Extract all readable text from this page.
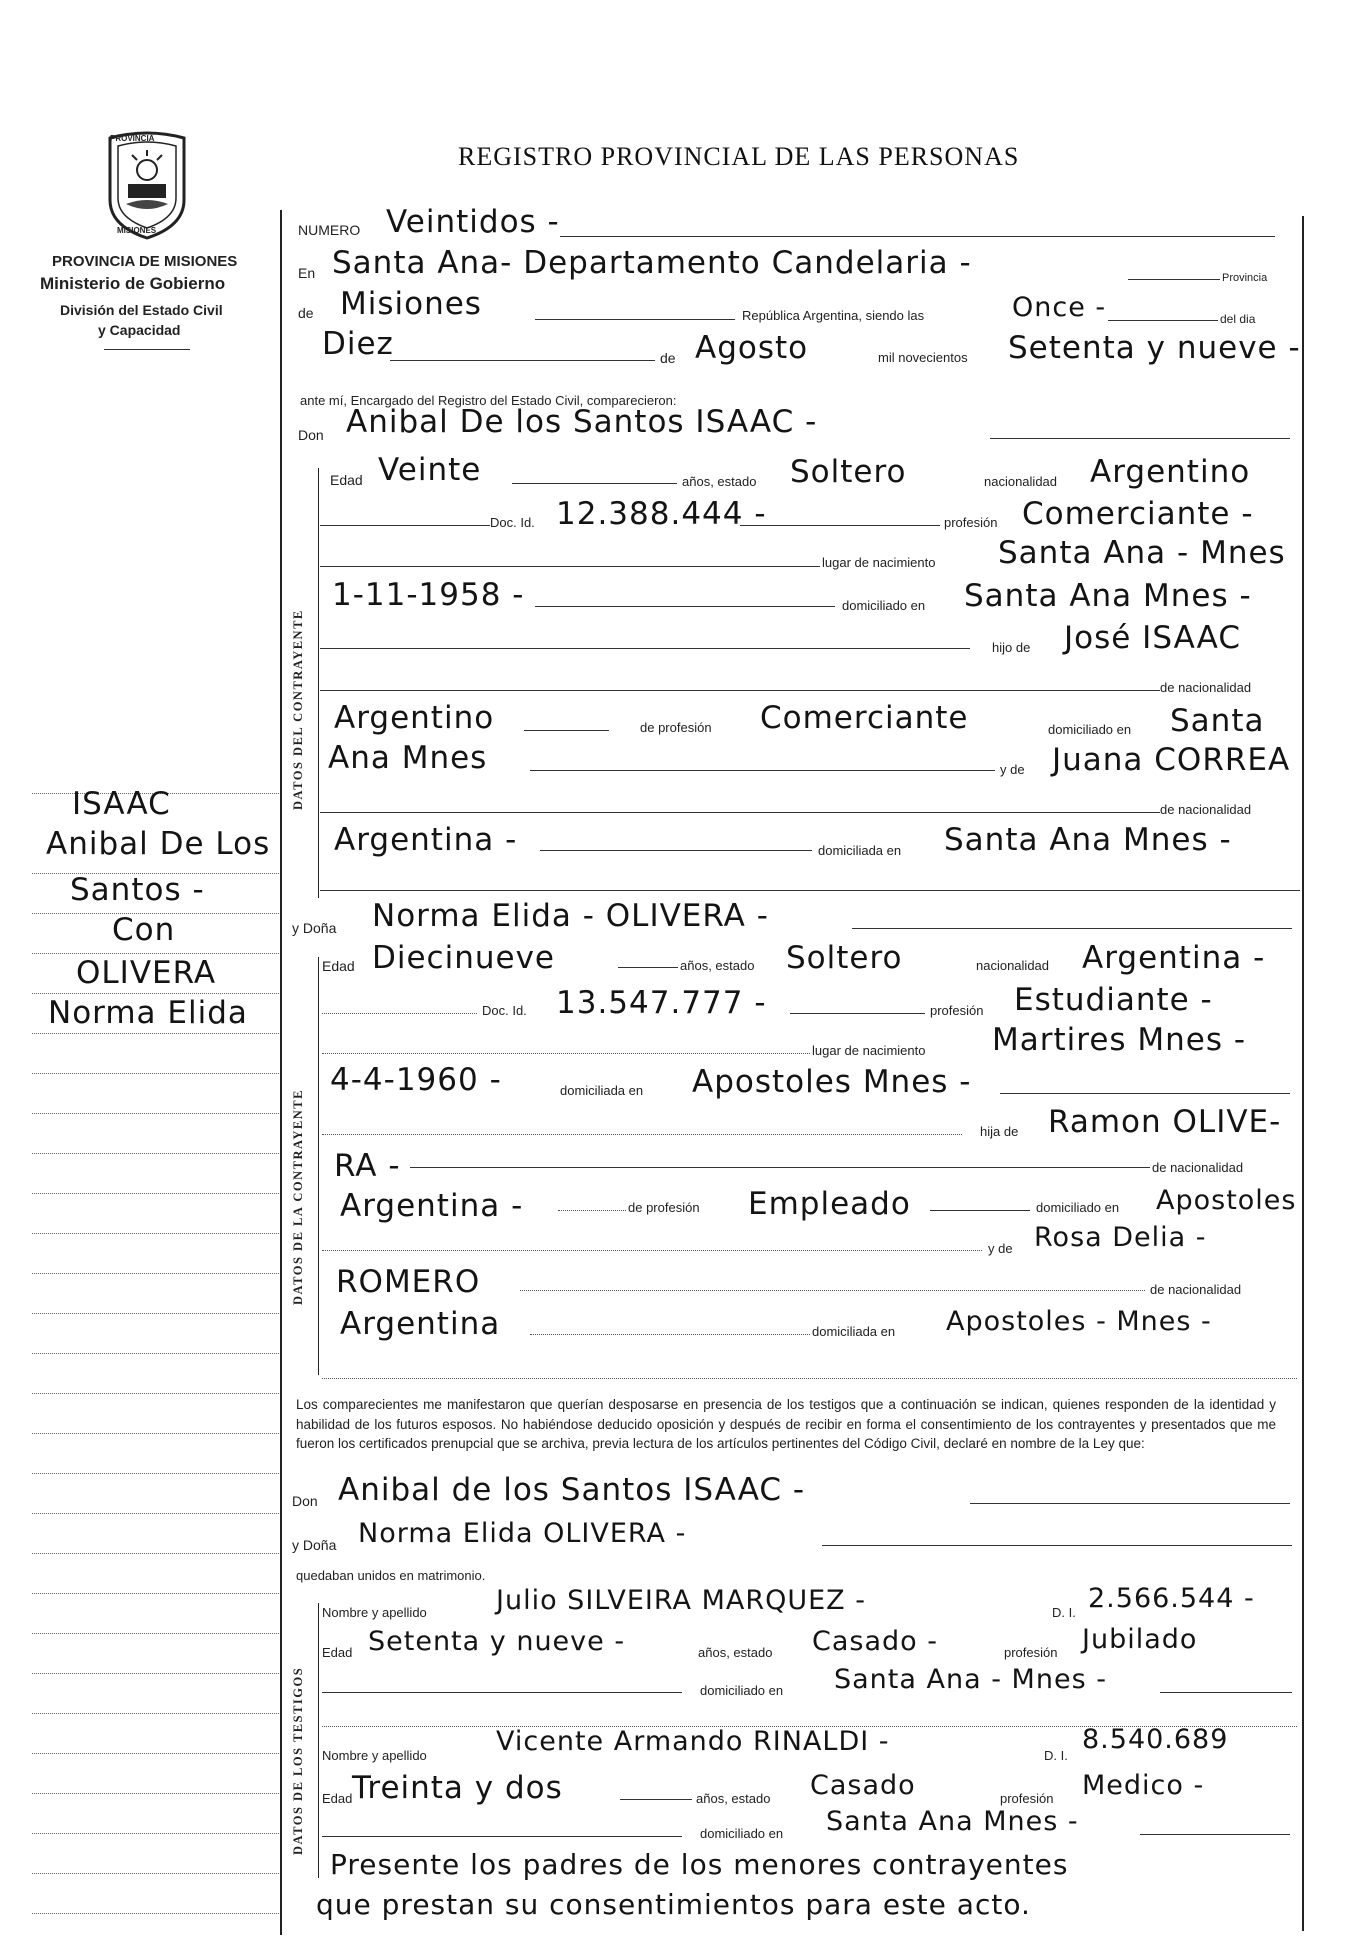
PROVINCIA
MISIONES
PROVINCIA DE MISIONES
Ministerio de Gobierno
División del Estado Civil
y Capacidad
REGISTRO PROVINCIAL DE LAS PERSONAS
ISAAC
Anibal De Los
Santos -
Con
OLIVERA
Norma Elida
NUMERO Veintidos -
En Santa Ana- Departamento Candelaria -	Provincia
de Misiones	República Argentina, siendo las	Once -	del dia
Diez	de Agosto	mil novecientos Setenta y nueve -
ante mí, Encargado del Registro del Estado Civil, comparecieron:
Don Anibal De los Santos ISAAC -
DATOS DEL CONTRAYENTE
Edad Veinte	años, estado Soltero	nacionalidad Argentino
Doc. Id. 12.388.444 -	profesión Comerciante -
lugar de nacimiento Santa Ana - Mnes
1-11-1958 -	domiciliado en Santa Ana Mnes -
hijo de José ISAAC
de nacionalidad
Argentino	de profesión Comerciante	domiciliado en Santa
Ana Mnes	y de Juana CORREA
de nacionalidad
Argentina -	domiciliada en Santa Ana Mnes -
y Doña Norma Elida - OLIVERA -
DATOS DE LA CONTRAYENTE
Edad Diecinueve	años, estado Soltero	nacionalidad Argentina -
Doc. Id. 13.547.777 -	profesión Estudiante -
lugar de nacimiento Martires Mnes -
4-4-1960 -	domiciliada en Apostoles Mnes -
hija de Ramon OLIVE-
RA -	de nacionalidad
Argentina -	de profesión Empleado	domiciliado en Apostoles
y de Rosa Delia -
ROMERO	de nacionalidad
Argentina	domiciliada en Apostoles - Mnes -
Los comparecientes me manifestaron que querían desposarse en presencia de los testigos que a continuación se indican, quienes responden de la identidad y habilidad de los futuros esposos. No habiéndose deducido oposición y después de recibir en forma el consentimiento de los contrayentes y presentados que me fueron los certificados prenupcial que se archiva, previa lectura de los artículos pertinentes del Código Civil, declaré en nombre de la Ley que:
Don Anibal de los Santos ISAAC -
y Doña Norma Elida OLIVERA -
quedaban unidos en matrimonio.
DATOS DE LOS TESTIGOS
Nombre y apellido	Julio SILVEIRA MARQUEZ -	D. I. 2.566.544 -
Edad Setenta y nueve -	años, estado Casado -	profesión Jubilado
domiciliado en Santa Ana - Mnes -
Nombre y apellido	Vicente Armando RINALDI -	D. I.
8.540.689
Edad Treinta y dos	años, estado Casado	profesión Medico -
domiciliado en Santa Ana Mnes -
Presente los padres de los menores contrayentes
que prestan su consentimientos para este acto.
